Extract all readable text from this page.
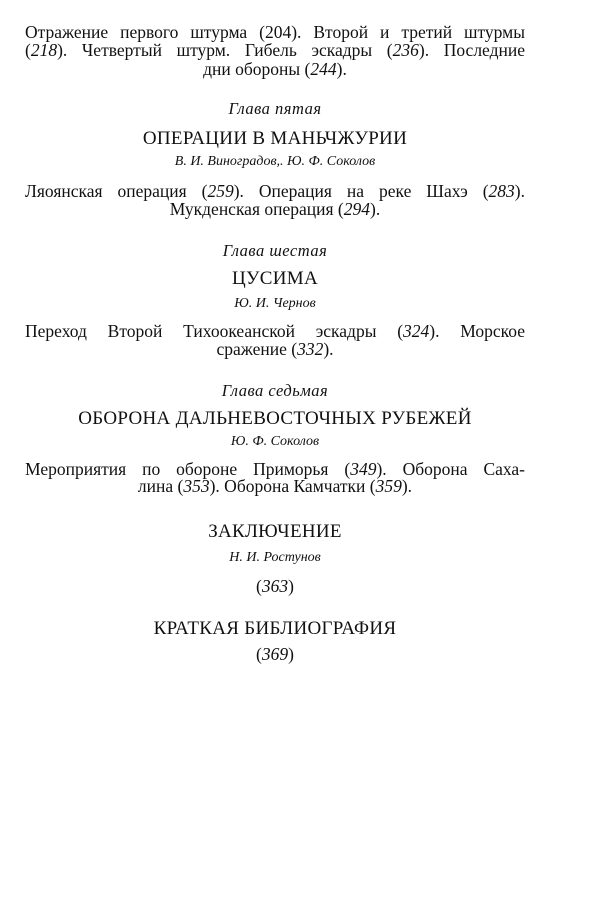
Отражение первого штурма (204). Второй и третий штурмы
(218). Четвертый штурм. Гибель эскадры (236). Последние
дни обороны (244).
Глава пятая
ОПЕРАЦИИ В МАНЬЧЖУРИИ
В. И. Виноградов,. Ю. Ф. Соколов
Ляоянская операция (259). Операция на реке Шахэ (283).
Мукденская операция (294).
Глава шестая
ЦУСИМА
Ю. И. Чернов
Переход Второй Тихоокеанской эскадры (324). Морское
сражение (332).
Глава седьмая
ОБОРОНА ДАЛЬНЕВОСТОЧНЫХ РУБЕЖЕЙ
Ю. Ф. Соколов
Мероприятия по обороне Приморья (349). Оборона Саха-
лина (353). Оборона Камчатки (359).
ЗАКЛЮЧЕНИЕ
Н. И. Ростунов
(363)
КРАТКАЯ БИБЛИОГРАФИЯ
(369)
